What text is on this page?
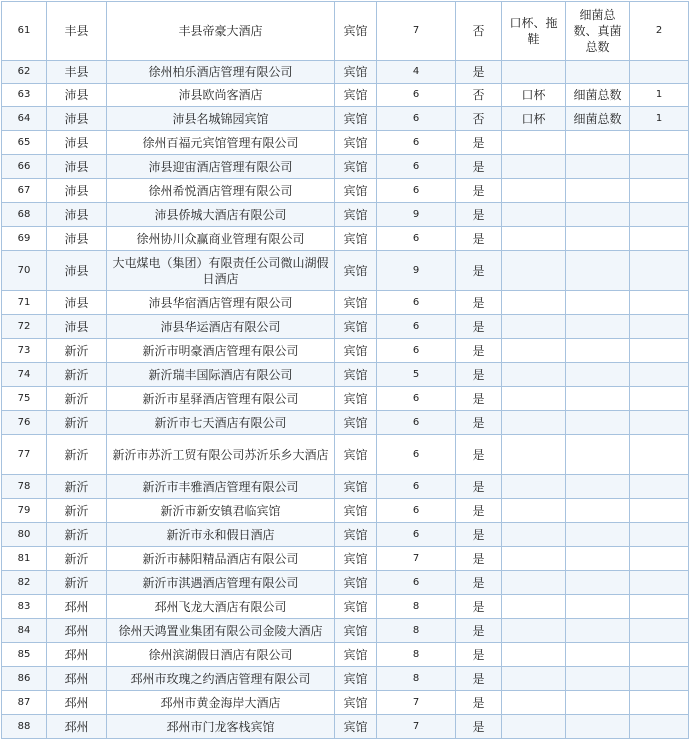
61	丰县	丰县帝豪大酒店	宾馆	7	否	口杯、拖鞋	细菌总数、真菌总数	2
62	丰县	徐州柏乐酒店管理有限公司	宾馆	4	是			
63	沛县	沛县欧尚客酒店	宾馆	6	否	口杯	细菌总数	1
64	沛县	沛县名城锦园宾馆	宾馆	6	否	口杯	细菌总数	1
65	沛县	徐州百福元宾馆管理有限公司	宾馆	6	是			
66	沛县	沛县迎宙酒店管理有限公司	宾馆	6	是			
67	沛县	徐州希悦酒店管理有限公司	宾馆	6	是			
68	沛县	沛县侨城大酒店有限公司	宾馆	9	是			
69	沛县	徐州协川众赢商业管理有限公司	宾馆	6	是			
70	沛县	大屯煤电（集团）有限责任公司微山湖假日酒店	宾馆	9	是			
71	沛县	沛县华宿酒店管理有限公司	宾馆	6	是			
72	沛县	沛县华运酒店有限公司	宾馆	6	是			
73	新沂	新沂市明豪酒店管理有限公司	宾馆	6	是			
74	新沂	新沂瑞丰国际酒店有限公司	宾馆	5	是			
75	新沂	新沂市星驿酒店管理有限公司	宾馆	6	是			
76	新沂	新沂市七天酒店有限公司	宾馆	6	是			
77	新沂	新沂市苏沂工贸有限公司苏沂乐乡大酒店	宾馆	6	是			
78	新沂	新沂市丰雅酒店管理有限公司	宾馆	6	是			
79	新沂	新沂市新安镇君临宾馆	宾馆	6	是			
80	新沂	新沂市永和假日酒店	宾馆	6	是			
81	新沂	新沂市赫阳精品酒店有限公司	宾馆	7	是			
82	新沂	新沂市淇遇酒店管理有限公司	宾馆	6	是			
83	邳州	邳州飞龙大酒店有限公司	宾馆	8	是			
84	邳州	徐州天鸿置业集团有限公司金陵大酒店	宾馆	8	是			
85	邳州	徐州滨湖假日酒店有限公司	宾馆	8	是			
86	邳州	邳州市玫瑰之约酒店管理有限公司	宾馆	8	是			
87	邳州	邳州市黄金海岸大酒店	宾馆	7	是			
88	邳州	邳州市门龙客栈宾馆	宾馆	7	是			
